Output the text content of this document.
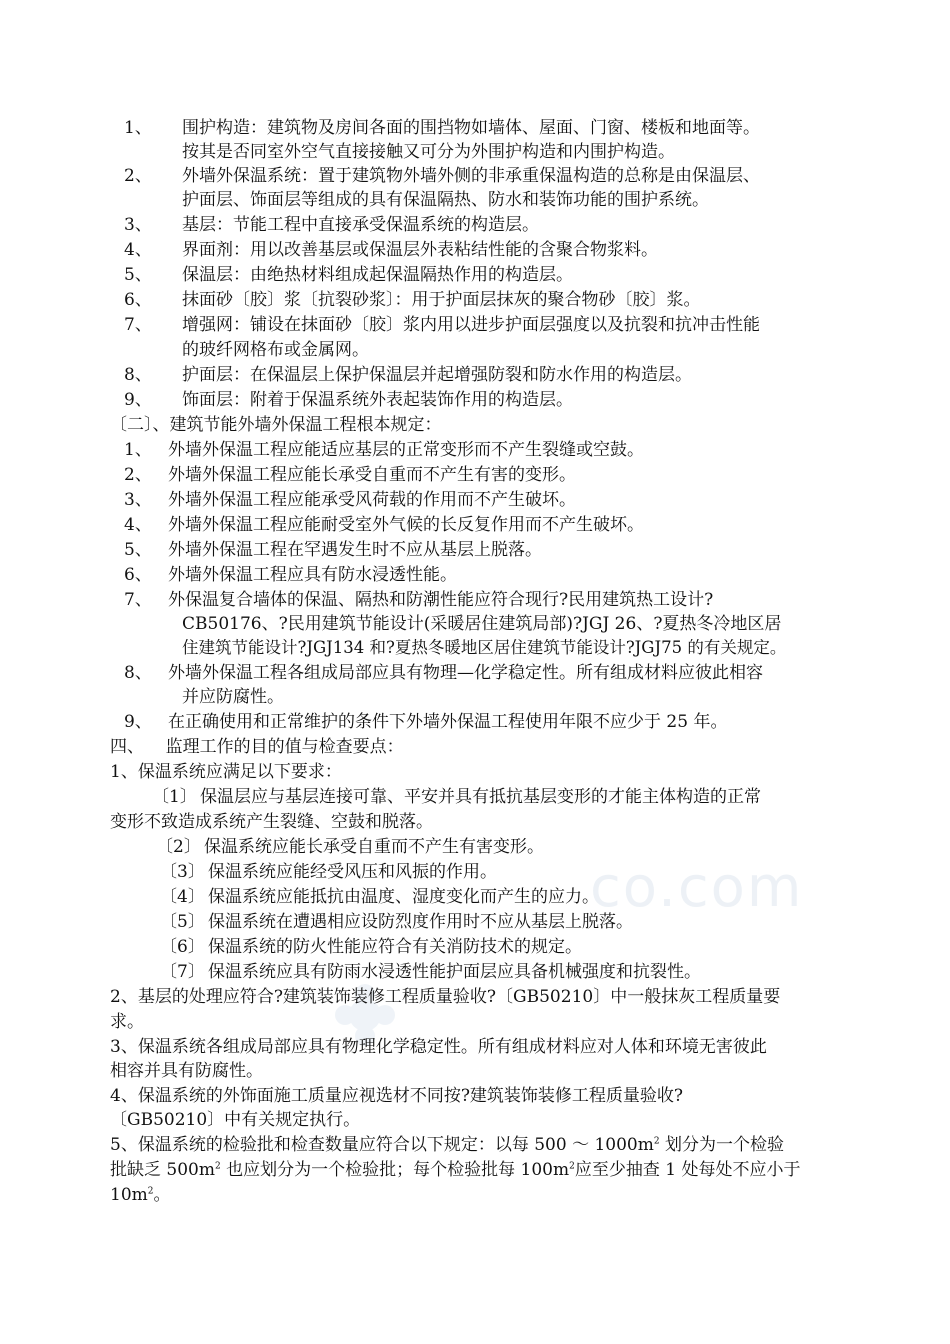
co.com
1、 围护构造：建筑物及房间各面的围挡物如墙体、屋面、门窗、楼板和地面等。
按其是否同室外空气直接接触又可分为外围护构造和内围护构造。
2、 外墙外保温系统：置于建筑物外墙外侧的非承重保温构造的总称是由保温层、
护面层、饰面层等组成的具有保温隔热、防水和装饰功能的围护系统。
3、 基层：节能工程中直接承受保温系统的构造层。
4、 界面剂：用以改善基层或保温层外表粘结性能的含聚合物浆料。
5、 保温层：由绝热材料组成起保温隔热作用的构造层。
6、 抹面砂〔胶〕浆〔抗裂砂浆〕：用于护面层抹灰的聚合物砂〔胶〕浆。
7、 增强网：铺设在抹面砂〔胶〕浆内用以进步护面层强度以及抗裂和抗冲击性能
的玻纤网格布或金属网。
8、 护面层：在保温层上保护保温层并起增强防裂和防水作用的构造层。
9、 饰面层：附着于保温系统外表起装饰作用的构造层。
〔二〕、建筑节能外墙外保温工程根本规定：
1、 外墙外保温工程应能适应基层的正常变形而不产生裂缝或空鼓。
2、 外墙外保温工程应能长承受自重而不产生有害的变形。
3、 外墙外保温工程应能承受风荷载的作用而不产生破坏。
4、 外墙外保温工程应能耐受室外气候的长反复作用而不产生破坏。
5、 外墙外保温工程在罕遇发生时不应从基层上脱落。
6、 外墙外保温工程应具有防水浸透性能。
7、 外保温复合墙体的保温、隔热和防潮性能应符合现行?民用建筑热工设计?
CB50176、?民用建筑节能设计(采暖居住建筑局部)?JGJ 26、?夏热冬冷地区居
住建筑节能设计?JGJ134 和?夏热冬暖地区居住建筑节能设计?JGJ75 的有关规定。
8、 外墙外保温工程各组成局部应具有物理—化学稳定性。所有组成材料应彼此相容
并应防腐性。
9、 在正确使用和正常维护的条件下外墙外保温工程使用年限不应少于 25 年。
四、    监理工作的目的值与检查要点：
1、保温系统应满足以下要求：
〔1〕 保温层应与基层连接可靠、平安并具有抵抗基层变形的才能主体构造的正常
变形不致造成系统产生裂缝、空鼓和脱落。
〔2〕 保温系统应能长承受自重而不产生有害变形。
〔3〕 保温系统应能经受风压和风振的作用。
〔4〕 保温系统应能抵抗由温度、湿度变化而产生的应力。
〔5〕 保温系统在遭遇相应设防烈度作用时不应从基层上脱落。
〔6〕 保温系统的防火性能应符合有关消防技术的规定。
〔7〕 保温系统应具有防雨水浸透性能护面层应具备机械强度和抗裂性。
2、基层的处理应符合?建筑装饰装修工程质量验收?〔GB50210〕中一般抹灰工程质量要
求。
3、保温系统各组成局部应具有物理化学稳定性。所有组成材料应对人体和环境无害彼此
相容并具有防腐性。
4、保温系统的外饰面施工质量应视选材不同按?建筑装饰装修工程质量验收?
〔GB50210〕中有关规定执行。
5、保温系统的检验批和检查数量应符合以下规定：以每 500 ～ $1000m^2$ 划分为一个检验
批缺乏 $500m^2$ 也应划分为一个检验批；每个检验批每 $100m^2$应至少抽查 1 处每处不应小于
$10m^2$。
